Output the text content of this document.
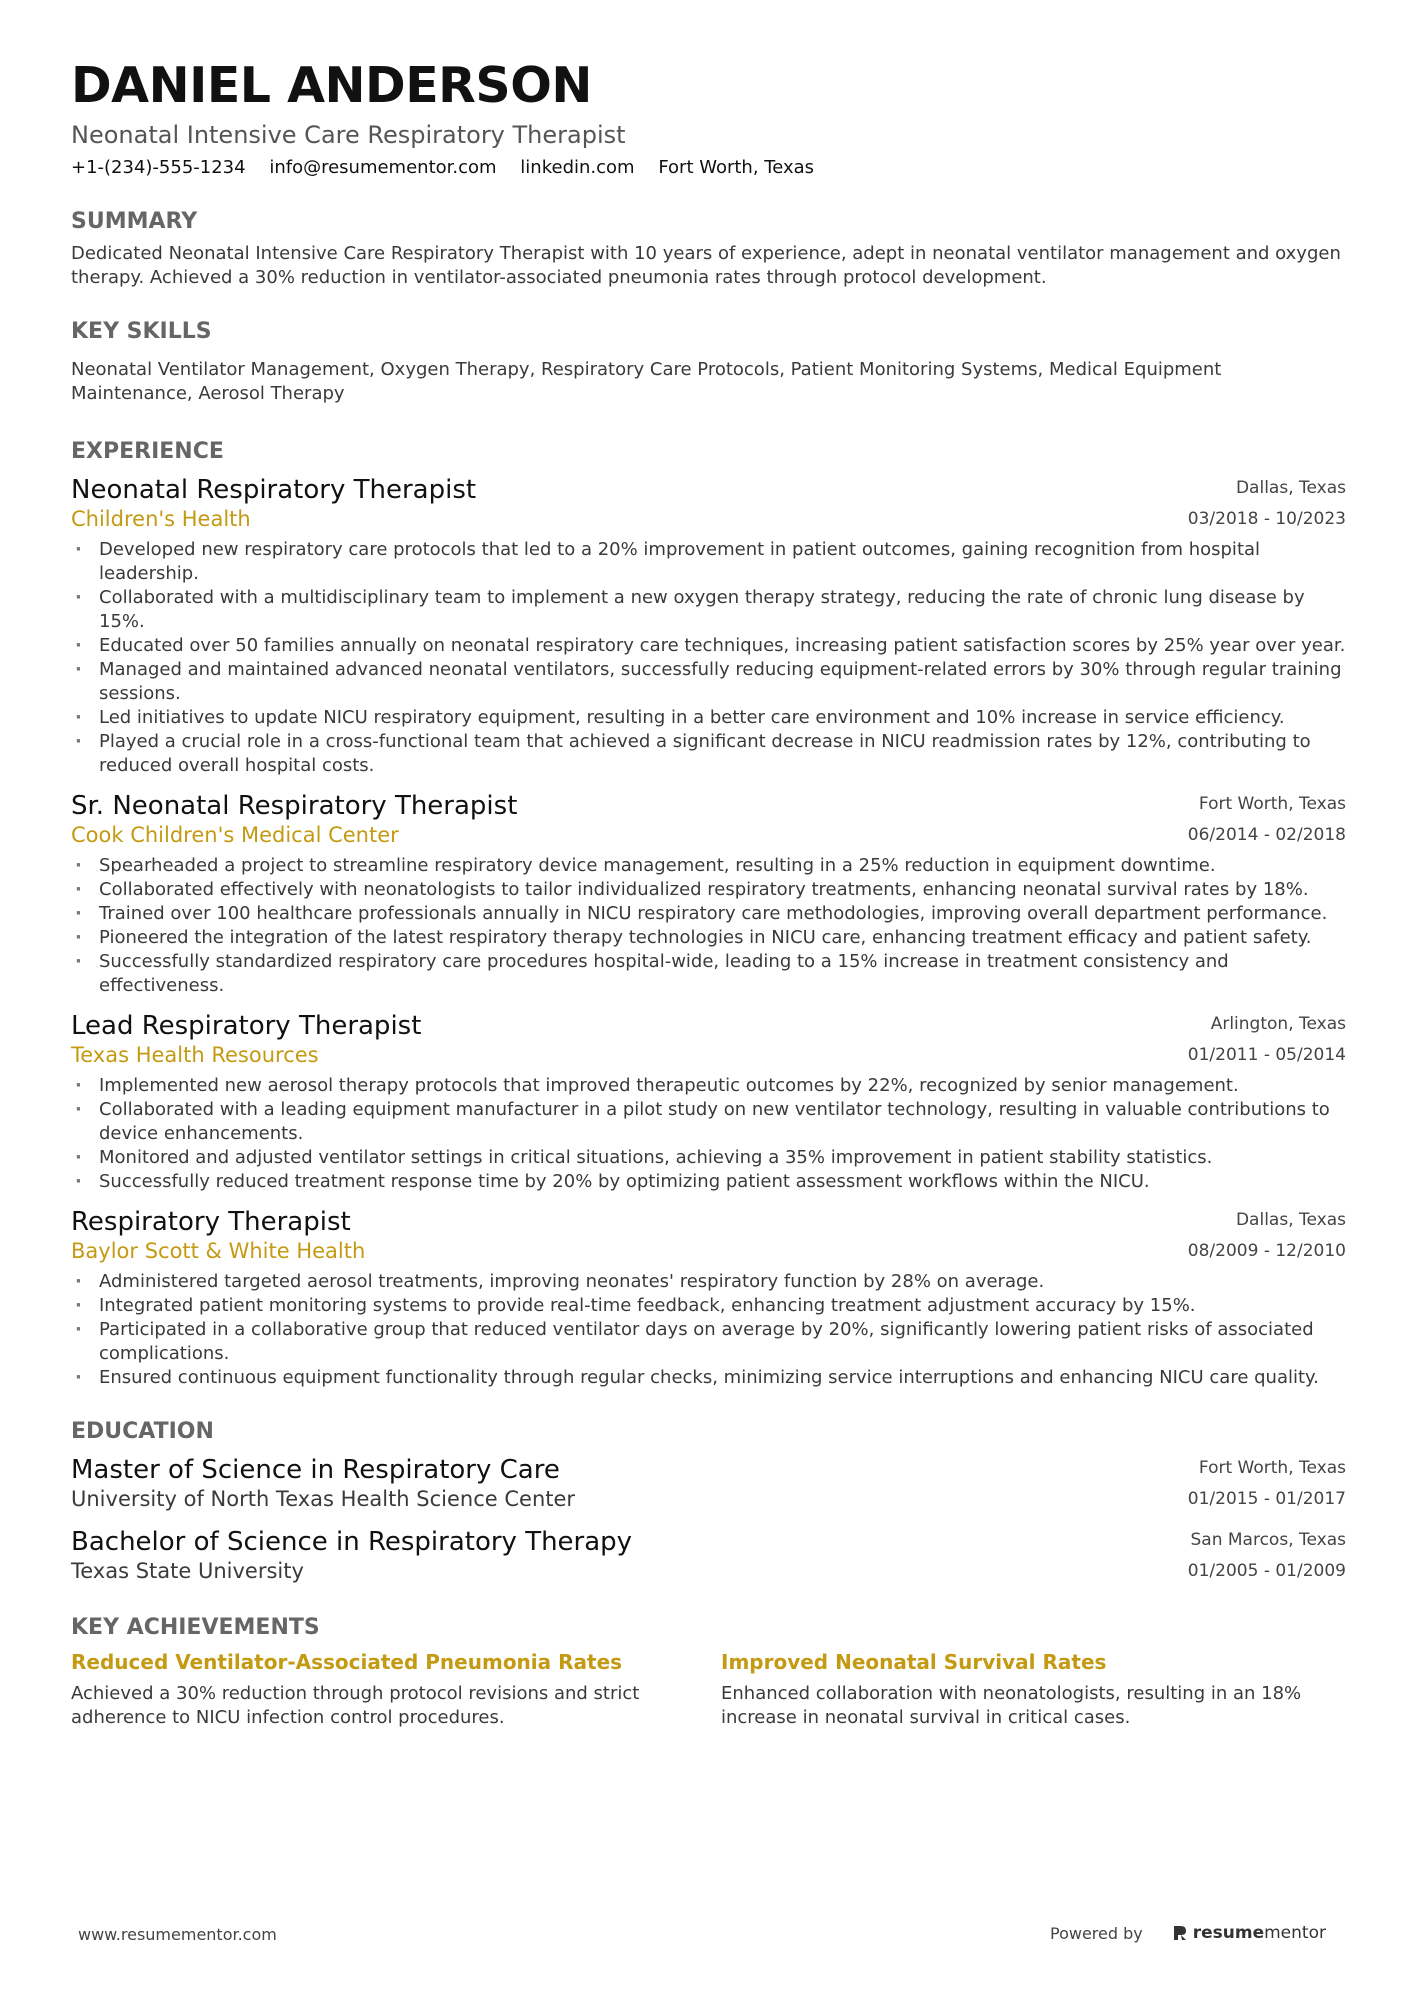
DANIEL ANDERSON
Neonatal Intensive Care Respiratory Therapist
+1-(234)-555-1234 info@resumementor.com linkedin.com Fort Worth, Texas
SUMMARY
Dedicated Neonatal Intensive Care Respiratory Therapist with 10 years of experience, adept in neonatal ventilator management and oxygen therapy. Achieved a 30% reduction in ventilator-associated pneumonia rates through protocol development.
KEY SKILLS
Neonatal Ventilator Management, Oxygen Therapy, Respiratory Care Protocols, Patient Monitoring Systems, Medical Equipment Maintenance, Aerosol Therapy
EXPERIENCE
Neonatal Respiratory Therapist	Dallas, Texas
Children's Health	03/2018 - 10/2023
· Developed new respiratory care protocols that led to a 20% improvement in patient outcomes, gaining recognition from hospital leadership.
· Collaborated with a multidisciplinary team to implement a new oxygen therapy strategy, reducing the rate of chronic lung disease by 15%.
· Educated over 50 families annually on neonatal respiratory care techniques, increasing patient satisfaction scores by 25% year over year.
· Managed and maintained advanced neonatal ventilators, successfully reducing equipment-related errors by 30% through regular training sessions.
· Led initiatives to update NICU respiratory equipment, resulting in a better care environment and 10% increase in service efficiency.
· Played a crucial role in a cross-functional team that achieved a significant decrease in NICU readmission rates by 12%, contributing to reduced overall hospital costs.
Sr. Neonatal Respiratory Therapist	Fort Worth, Texas
Cook Children's Medical Center	06/2014 - 02/2018
· Spearheaded a project to streamline respiratory device management, resulting in a 25% reduction in equipment downtime.
· Collaborated effectively with neonatologists to tailor individualized respiratory treatments, enhancing neonatal survival rates by 18%.
· Trained over 100 healthcare professionals annually in NICU respiratory care methodologies, improving overall department performance.
· Pioneered the integration of the latest respiratory therapy technologies in NICU care, enhancing treatment efficacy and patient safety.
· Successfully standardized respiratory care procedures hospital-wide, leading to a 15% increase in treatment consistency and effectiveness.
Lead Respiratory Therapist	Arlington, Texas
Texas Health Resources	01/2011 - 05/2014
· Implemented new aerosol therapy protocols that improved therapeutic outcomes by 22%, recognized by senior management.
· Collaborated with a leading equipment manufacturer in a pilot study on new ventilator technology, resulting in valuable contributions to device enhancements.
· Monitored and adjusted ventilator settings in critical situations, achieving a 35% improvement in patient stability statistics.
· Successfully reduced treatment response time by 20% by optimizing patient assessment workflows within the NICU.
Respiratory Therapist	Dallas, Texas
Baylor Scott & White Health	08/2009 - 12/2010
· Administered targeted aerosol treatments, improving neonates' respiratory function by 28% on average.
· Integrated patient monitoring systems to provide real-time feedback, enhancing treatment adjustment accuracy by 15%.
· Participated in a collaborative group that reduced ventilator days on average by 20%, significantly lowering patient risks of associated complications.
· Ensured continuous equipment functionality through regular checks, minimizing service interruptions and enhancing NICU care quality.
EDUCATION
Master of Science in Respiratory Care	Fort Worth, Texas
University of North Texas Health Science Center	01/2015 - 01/2017
Bachelor of Science in Respiratory Therapy	San Marcos, Texas
Texas State University	01/2005 - 01/2009
KEY ACHIEVEMENTS
Reduced Ventilator-Associated Pneumonia Rates
Achieved a 30% reduction through protocol revisions and strict adherence to NICU infection control procedures.
Improved Neonatal Survival Rates
Enhanced collaboration with neonatologists, resulting in an 18% increase in neonatal survival in critical cases.
www.resumementor.com	Powered by	resume mentor
